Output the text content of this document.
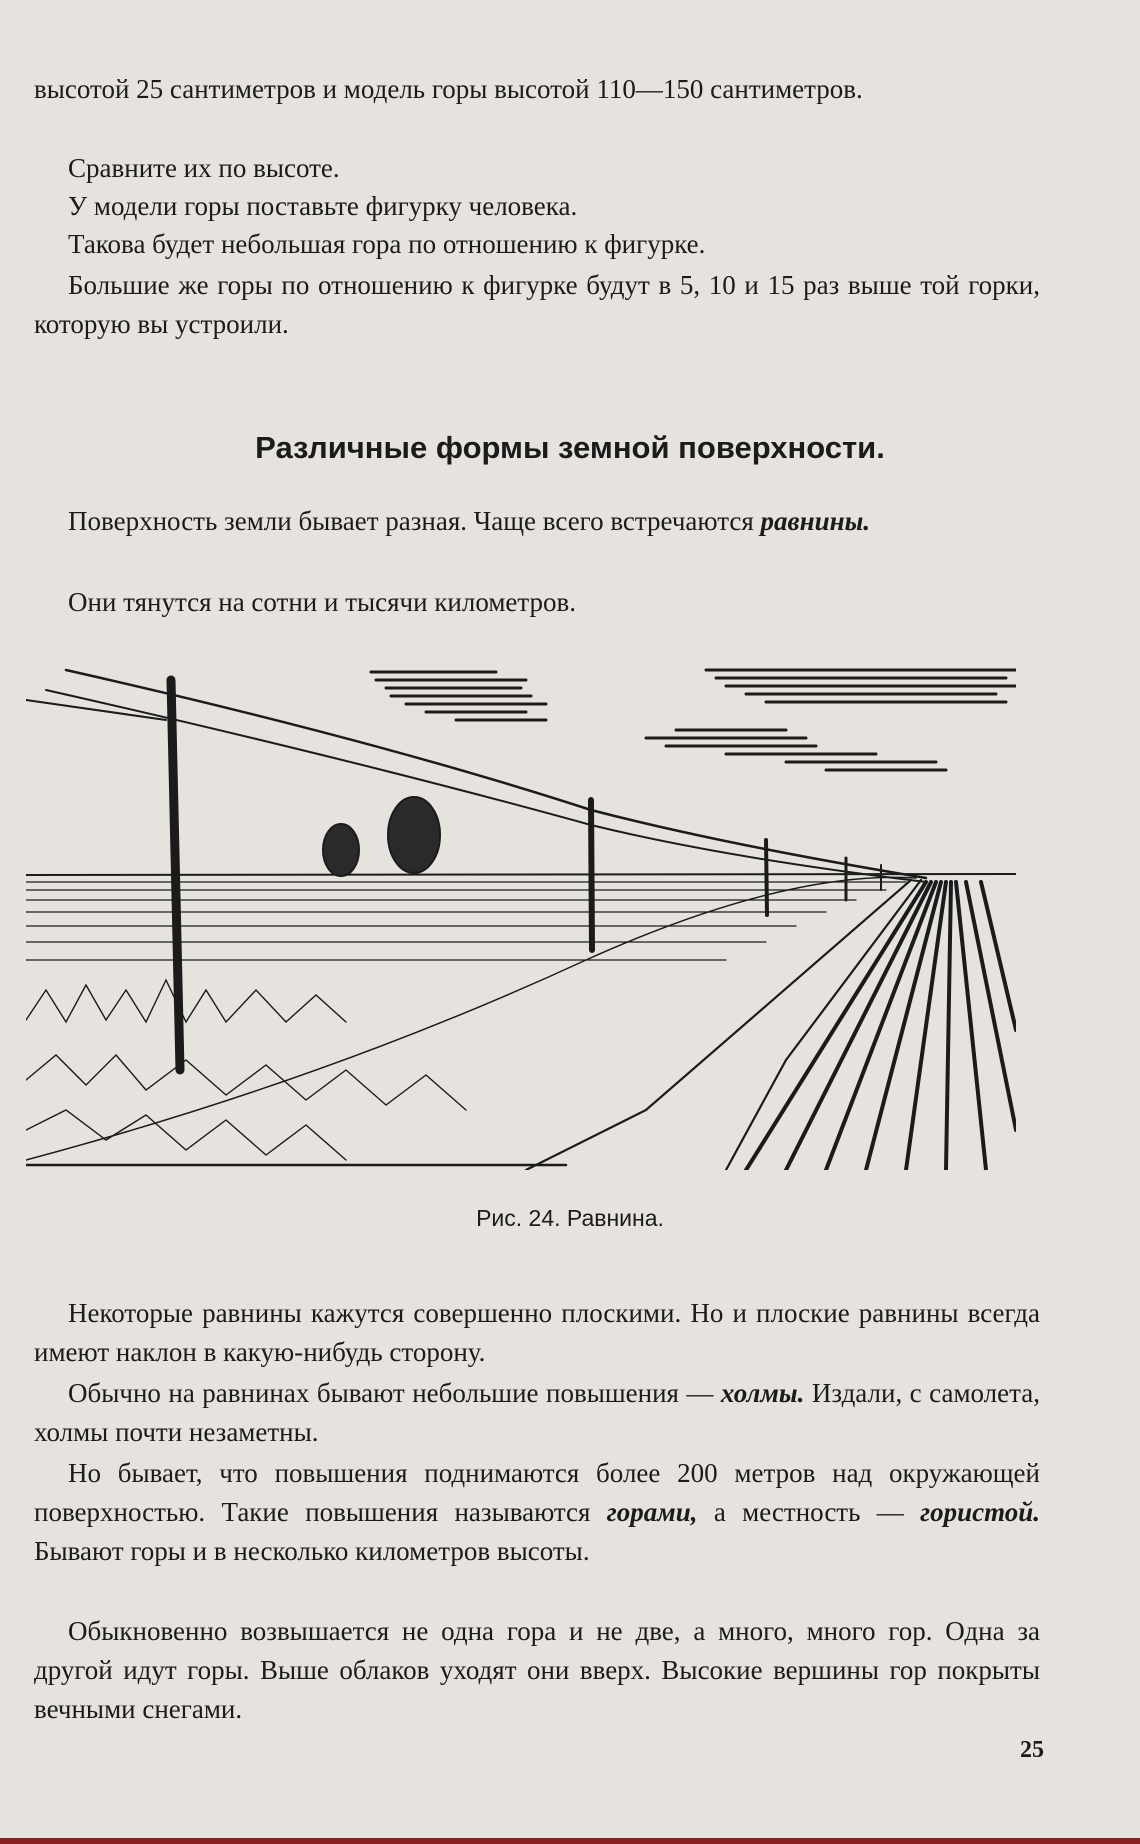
высотой 25 сантиметров и модель горы высотой 110—150 сантиметров.

Сравните их по высоте.

У модели горы поставьте фигурку человека.

Такова будет небольшая гора по отношению к фигурке.

Большие же горы по отношению к фигурке будут в 5, 10 и 15 раз выше той горки, которую вы устроили.

Различные формы земной поверхности.

Поверхность земли бывает разная. Чаще всего встречаются равнины.

Они тянутся на сотни и тысячи километров.

Рис. 24. Равнина.

Некоторые равнины кажутся совершенно плоскими. Но и плоские равнины всегда имеют наклон в какую-нибудь сторону.

Обычно на равнинах бывают небольшие повышения — холмы. Издали, с самолета, холмы почти незаметны.

Но бывает, что повышения поднимаются более 200 метров над окружающей поверхностью. Такие повышения называются горами, а местность — гористой. Бывают горы и в несколько километров высоты.

Обыкновенно возвышается не одна гора и не две, а много, много гор. Одна за другой идут горы. Выше облаков уходят они вверх. Высокие вершины гор покрыты вечными снегами.

25
